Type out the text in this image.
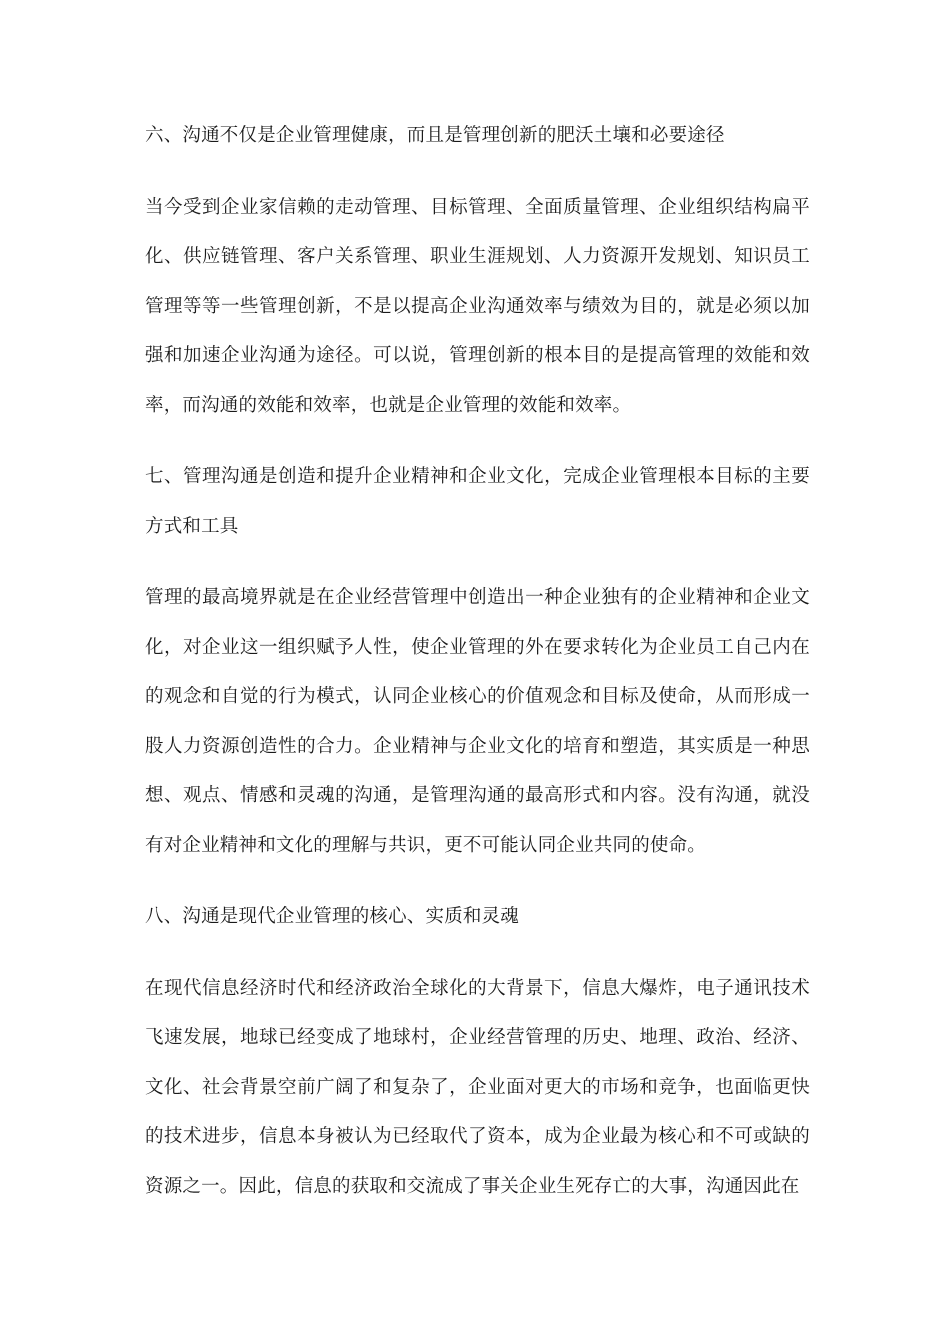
六、沟通不仅是企业管理健康，而且是管理创新的肥沃土壤和必要途径

当今受到企业家信赖的走动管理、目标管理、全面质量管理、企业组织结构扁平化、供应链管理、客户关系管理、职业生涯规划、人力资源开发规划、知识员工管理等等一些管理创新，不是以提高企业沟通效率与绩效为目的，就是必须以加强和加速企业沟通为途径。可以说，管理创新的根本目的是提高管理的效能和效率，而沟通的效能和效率，也就是企业管理的效能和效率。

七、管理沟通是创造和提升企业精神和企业文化，完成企业管理根本目标的主要方式和工具

管理的最高境界就是在企业经营管理中创造出一种企业独有的企业精神和企业文化，对企业这一组织赋予人性，使企业管理的外在要求转化为企业员工自己内在的观念和自觉的行为模式，认同企业核心的价值观念和目标及使命，从而形成一股人力资源创造性的合力。企业精神与企业文化的培育和塑造，其实质是一种思想、观点、情感和灵魂的沟通，是管理沟通的最高形式和内容。没有沟通，就没有对企业精神和文化的理解与共识，更不可能认同企业共同的使命。

八、沟通是现代企业管理的核心、实质和灵魂

在现代信息经济时代和经济政治全球化的大背景下，信息大爆炸，电子通讯技术飞速发展，地球已经变成了地球村，企业经营管理的历史、地理、政治、经济、文化、社会背景空前广阔了和复杂了，企业面对更大的市场和竞争，也面临更快的技术进步，信息本身被认为已经取代了资本，成为企业最为核心和不可或缺的资源之一。因此，信息的获取和交流成了事关企业生死存亡的大事，沟通因此在
